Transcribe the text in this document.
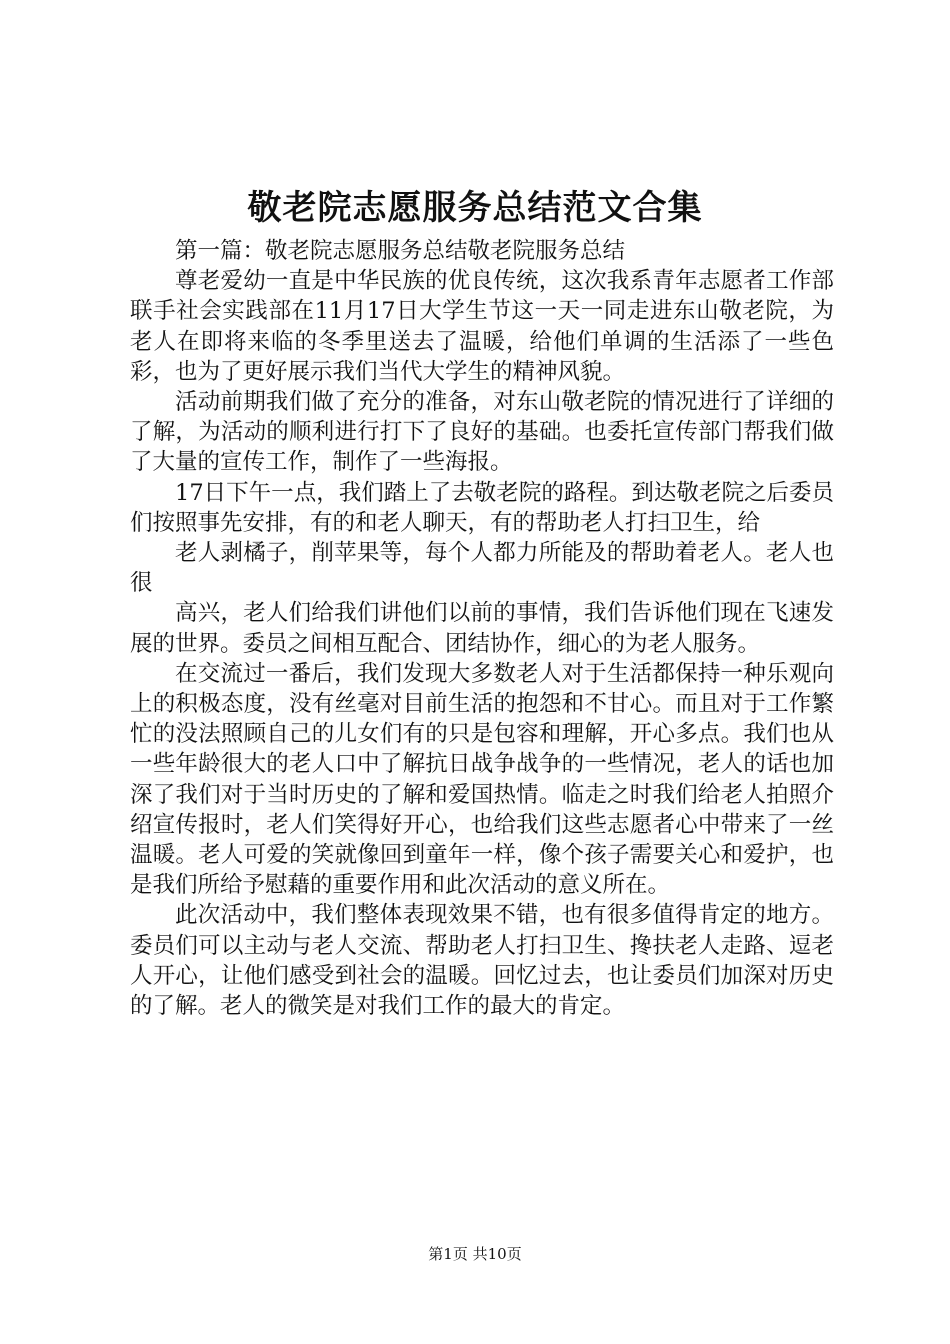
敬老院志愿服务总结范文合集

第一篇：敬老院志愿服务总结敬老院服务总结

尊老爱幼一直是中华民族的优良传统，这次我系青年志愿者工作部联手社会实践部在11月17日大学生节这一天一同走进东山敬老院，为老人在即将来临的冬季里送去了温暖，给他们单调的生活添了一些色彩，也为了更好展示我们当代大学生的精神风貌。

活动前期我们做了充分的准备，对东山敬老院的情况进行了详细的了解，为活动的顺利进行打下了良好的基础。也委托宣传部门帮我们做了大量的宣传工作，制作了一些海报。

17日下午一点，我们踏上了去敬老院的路程。到达敬老院之后委员们按照事先安排，有的和老人聊天，有的帮助老人打扫卫生，给

老人剥橘子，削苹果等，每个人都力所能及的帮助着老人。老人也很

高兴，老人们给我们讲他们以前的事情，我们告诉他们现在飞速发展的世界。委员之间相互配合、团结协作，细心的为老人服务。

在交流过一番后，我们发现大多数老人对于生活都保持一种乐观向上的积极态度，没有丝毫对目前生活的抱怨和不甘心。而且对于工作繁忙的没法照顾自己的儿女们有的只是包容和理解，开心多点。我们也从一些年龄很大的老人口中了解抗日战争战争的一些情况，老人的话也加深了我们对于当时历史的了解和爱国热情。临走之时我们给老人拍照介绍宣传报时，老人们笑得好开心，也给我们这些志愿者心中带来了一丝温暖。老人可爱的笑就像回到童年一样，像个孩子需要关心和爱护，也是我们所给予慰藉的重要作用和此次活动的意义所在。

此次活动中，我们整体表现效果不错，也有很多值得肯定的地方。委员们可以主动与老人交流、帮助老人打扫卫生、搀扶老人走路、逗老人开心，让他们感受到社会的温暖。回忆过去，也让委员们加深对历史的了解。老人的微笑是对我们工作的最大的肯定。

第1页 共10页
